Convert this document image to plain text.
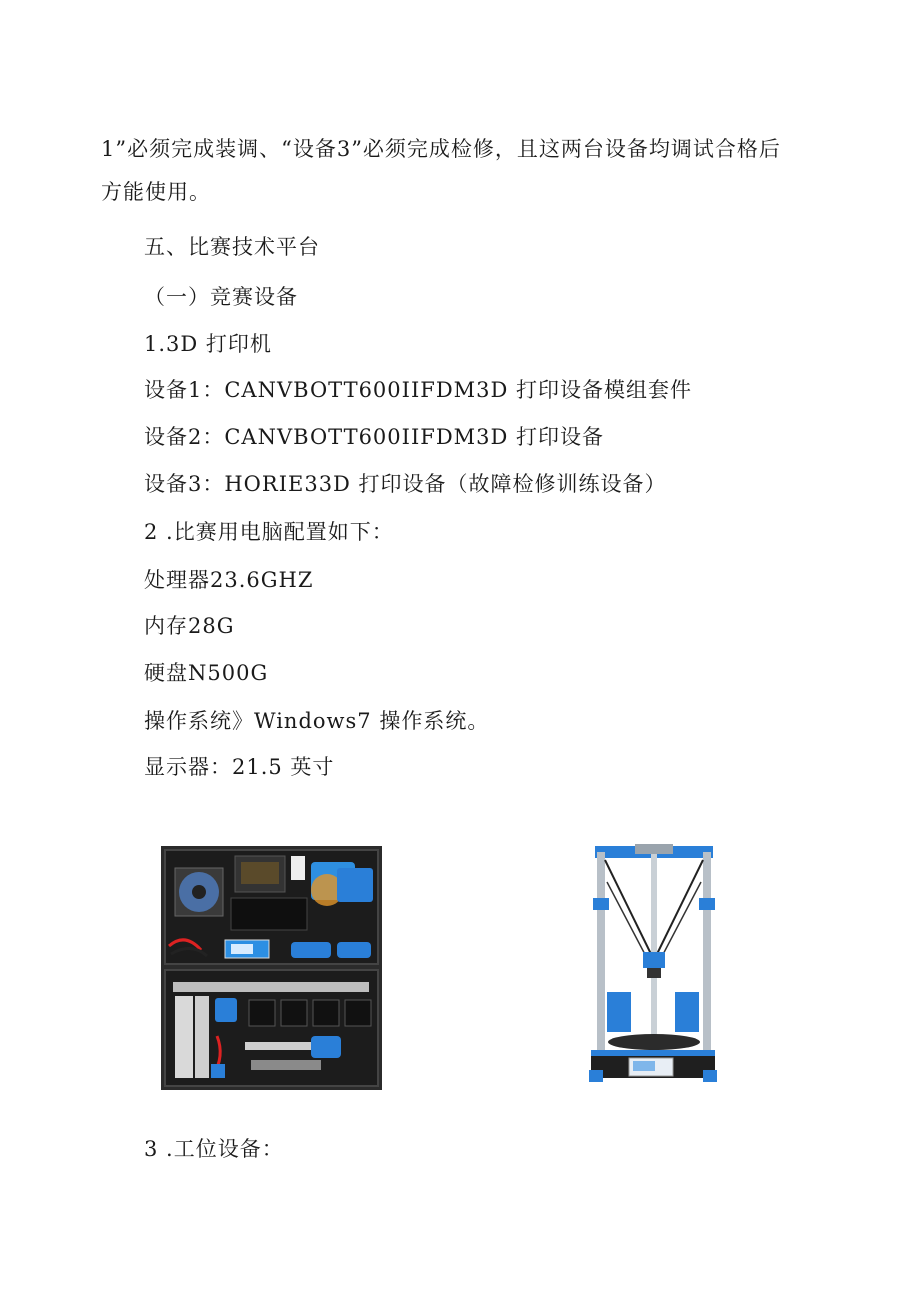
1”必须完成装调、“设备3”必须完成检修，且这两台设备均调试合格后
方能使用。
五、比赛技术平台
（一）竞赛设备
1.3D 打印机
设备1：CANVBOTT600IIFDM3D 打印设备模组套件
设备2：CANVBOTT600IIFDM3D 打印设备
设备3：HORIE33D 打印设备（故障检修训练设备）
2 .比赛用电脑配置如下：
处理器23.6GHZ
内存28G
硬盘N500G
操作系统》Windows7 操作系统。
显示器：21.5 英寸
3 .工位设备：
